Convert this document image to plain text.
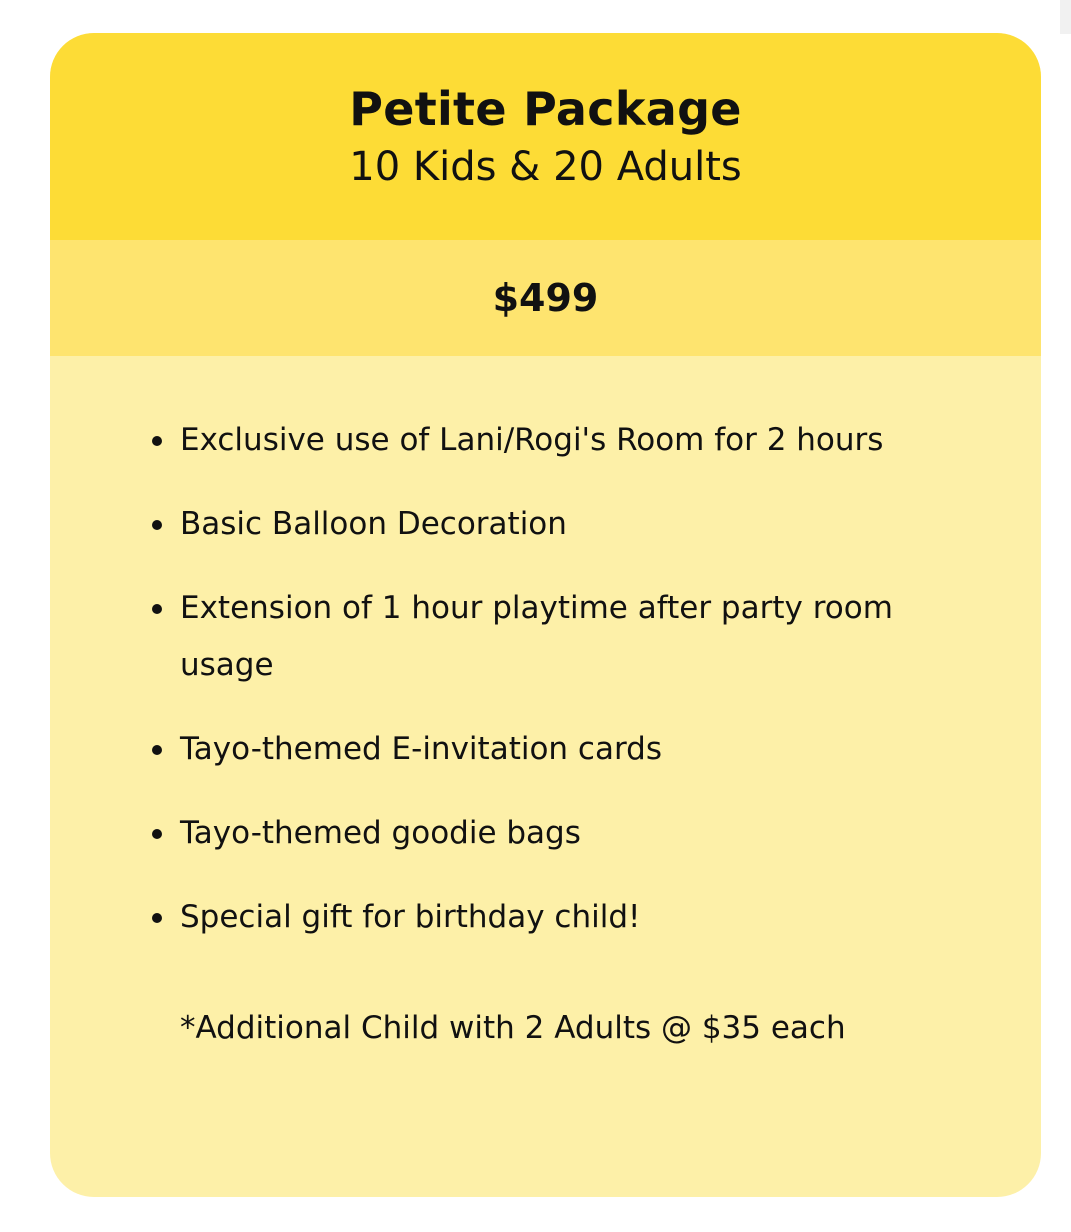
Petite Package
10 Kids & 20 Adults
$499
Exclusive use of Lani/Rogi's Room for 2 hours
Basic Balloon Decoration
Extension of 1 hour playtime after party room usage
Tayo-themed E-invitation cards
Tayo-themed goodie bags
Special gift for birthday child!
*Additional Child with 2 Adults @ $35 each
